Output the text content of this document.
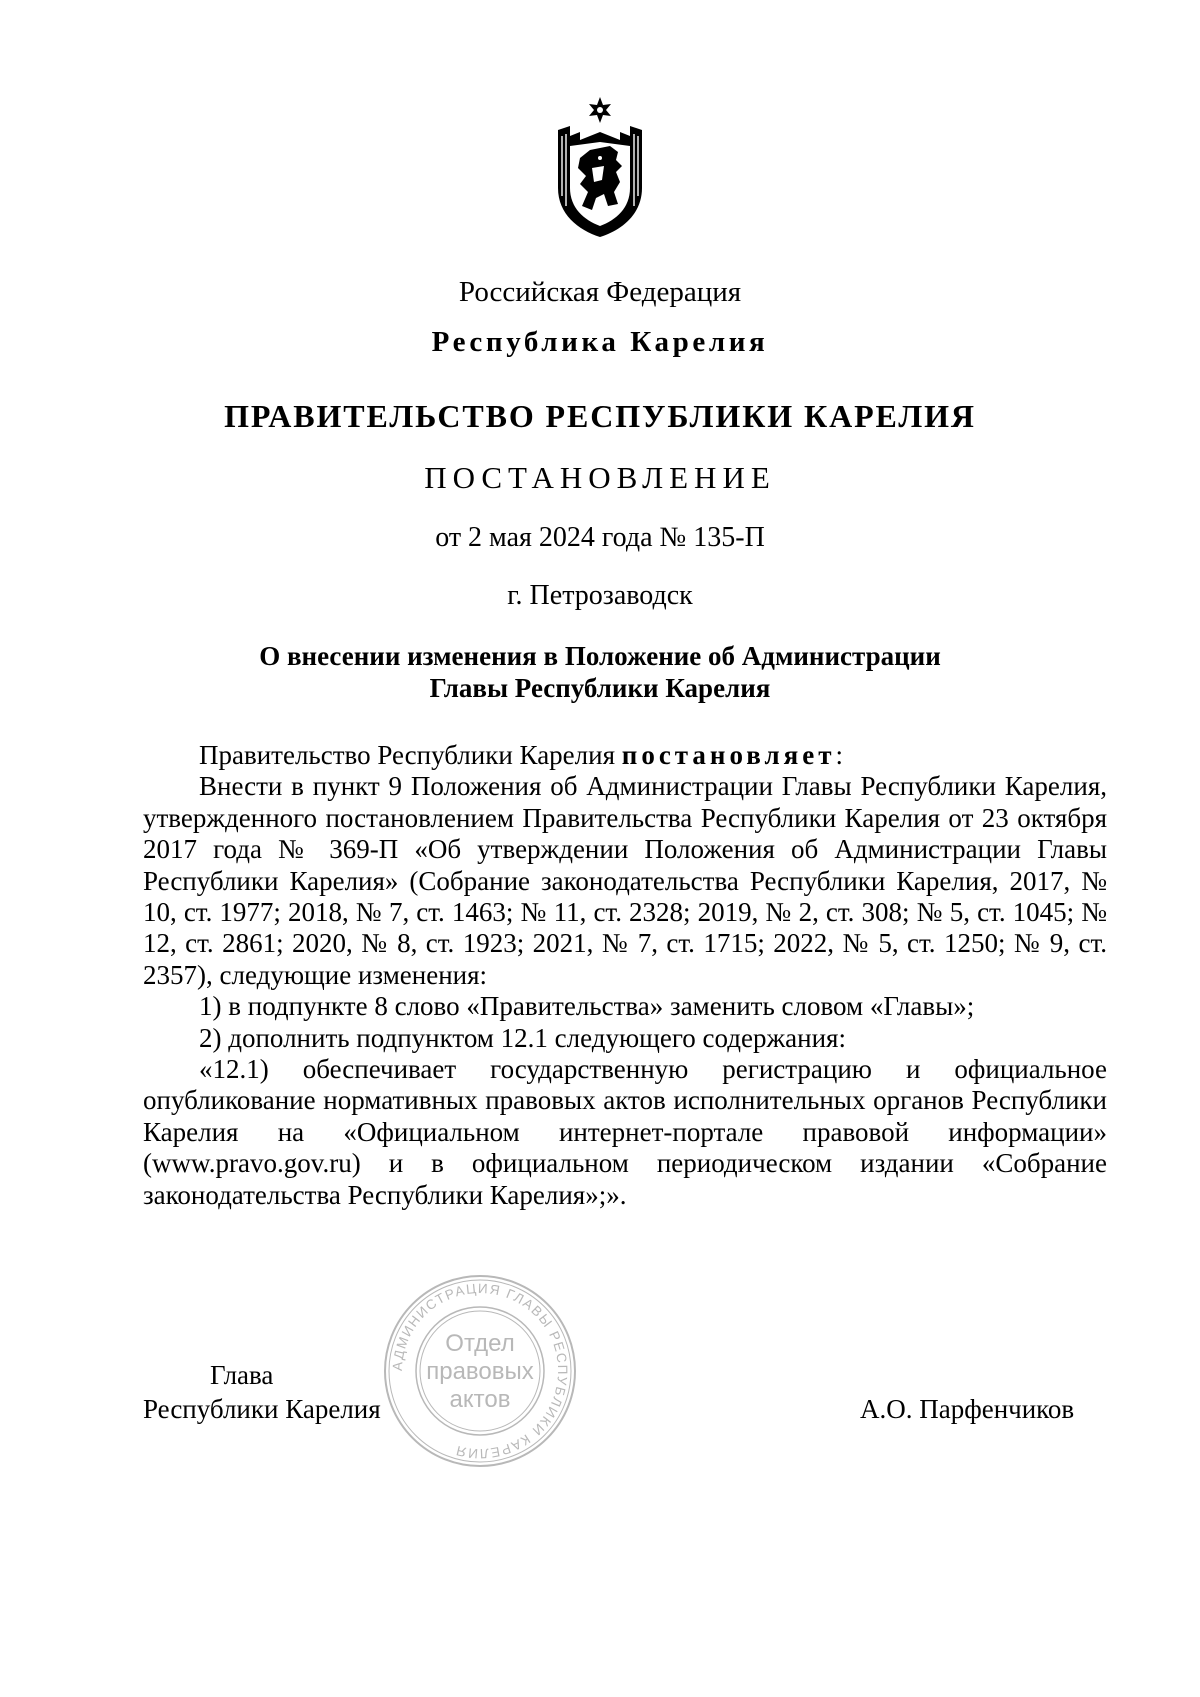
Российская Федерация
Республика Карелия
ПРАВИТЕЛЬСТВО РЕСПУБЛИКИ КАРЕЛИЯ
ПОСТАНОВЛЕНИЕ
от 2 мая 2024 года № 135-П
г. Петрозаводск
О внесении изменения в Положение об Администрации
Главы Республики Карелия

Правительство Республики Карелия постановляет:

Внести в пункт 9 Положения об Администрации Главы Республики Карелия, утвержденного постановлением Правительства Республики Карелия от 23 октября 2017 года № 369-П «Об утверждении Положения об Администрации Главы Республики Карелия» (Собрание законодательства Республики Карелия, 2017, № 10, ст. 1977; 2018, № 7, ст. 1463; № 11, ст. 2328; 2019, № 2, ст. 308; № 5, ст. 1045; № 12, ст. 2861; 2020, № 8, ст. 1923; 2021, № 7, ст. 1715; 2022, № 5, ст. 1250; № 9, ст. 2357), следующие изменения:

1) в подпункте 8 слово «Правительства» заменить словом «Главы»;

2) дополнить подпунктом 12.1 следующего содержания:

«12.1) обеспечивает государственную регистрацию и официальное опубликование нормативных правовых актов исполнительных органов Республики Карелия на «Официальном интернет-портале правовой информации» (www.pravo.gov.ru) и в официальном периодическом издании «Собрание законодательства Республики Карелия»;».

Глава
Республики Карелия	А.О. Парфенчиков
АДМИНИСТРАЦИЯ ГЛАВЫ РЕСПУБЛИКИ КАРЕЛИЯ
Отдел
правовых
актов
